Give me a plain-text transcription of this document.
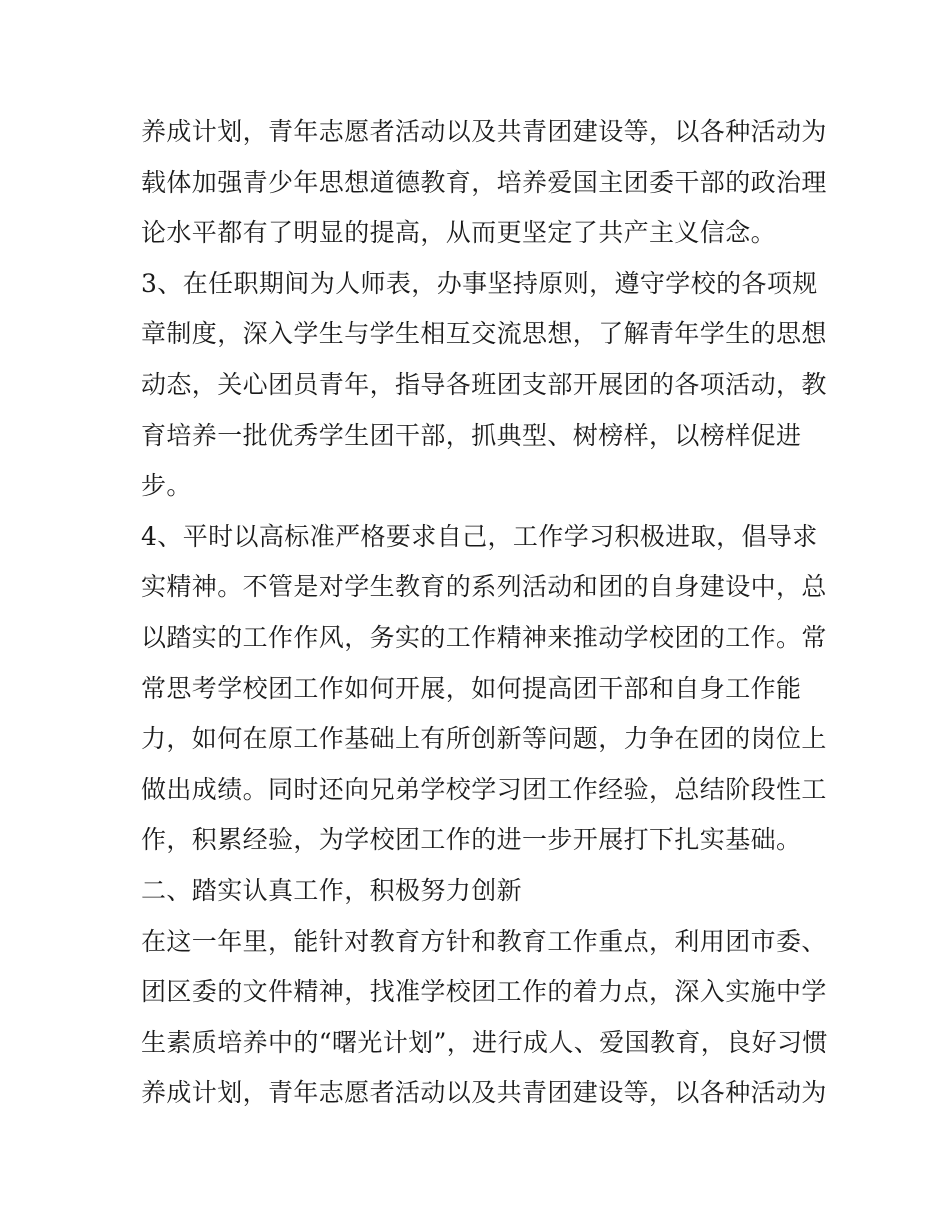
养成计划，青年志愿者活动以及共青团建设等，以各种活动为
载体加强青少年思想道德教育，培养爱国主团委干部的政治理
论水平都有了明显的提高，从而更坚定了共产主义信念。
3、在任职期间为人师表，办事坚持原则，遵守学校的各项规
章制度，深入学生与学生相互交流思想，了解青年学生的思想
动态，关心团员青年，指导各班团支部开展团的各项活动，教
育培养一批优秀学生团干部，抓典型、树榜样，以榜样促进
步。
4、平时以高标准严格要求自己，工作学习积极进取，倡导求
实精神。不管是对学生教育的系列活动和团的自身建设中，总
以踏实的工作作风，务实的工作精神来推动学校团的工作。常
常思考学校团工作如何开展，如何提高团干部和自身工作能
力，如何在原工作基础上有所创新等问题，力争在团的岗位上
做出成绩。同时还向兄弟学校学习团工作经验，总结阶段性工
作，积累经验，为学校团工作的进一步开展打下扎实基础。
二、踏实认真工作，积极努力创新
在这一年里，能针对教育方针和教育工作重点，利用团市委、
团区委的文件精神，找准学校团工作的着力点，深入实施中学
生素质培养中的“曙光计划”，进行成人、爱国教育，良好习惯
养成计划，青年志愿者活动以及共青团建设等，以各种活动为
